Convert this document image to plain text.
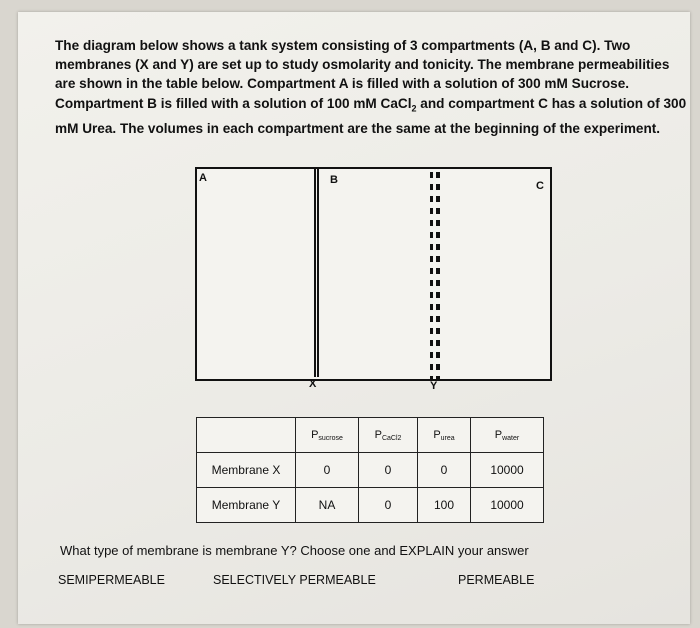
The diagram below shows a tank system consisting of 3 compartments (A, B and C). Two membranes (X and Y) are set up to study osmolarity and tonicity. The membrane permeabilities are shown in the table below. Compartment A is filled with a solution of 300 mM Sucrose. Compartment B is filled with a solution of 100 mM CaCl$_2$ and compartment C has a solution of 300 mM Urea. The volumes in each compartment are the same at the beginning of the experiment.
A	B	C
X	Y
	Psucrose	PCaCl2	Purea	Pwater
Membrane X	0	0	0	10000
Membrane Y	NA	0	100	10000
What type of membrane is membrane Y? Choose one and EXPLAIN your answer
SEMIPERMEABLE	SELECTIVELY PERMEABLE	PERMEABLE
